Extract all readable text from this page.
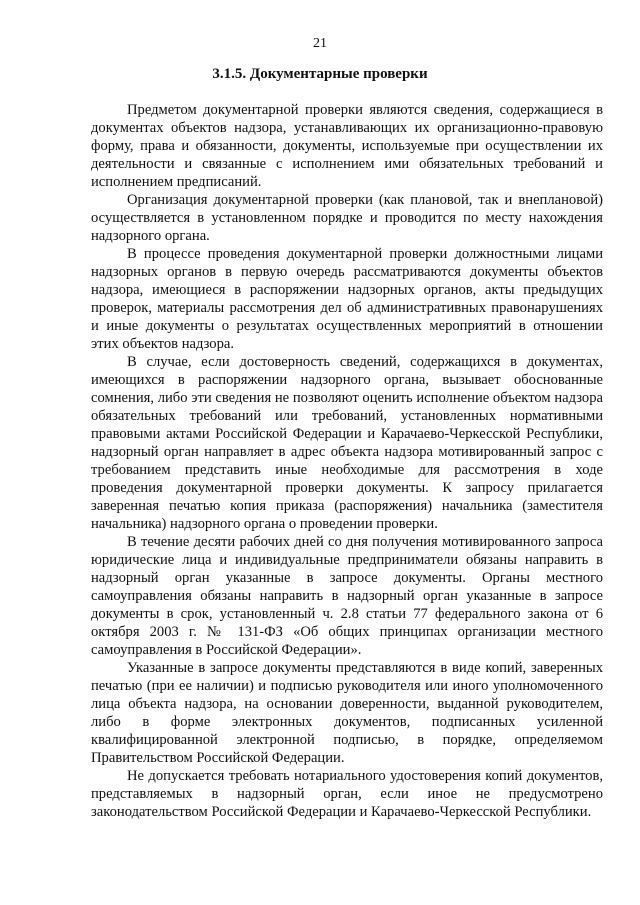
21
3.1.5. Документарные проверки

Предметом документарной проверки являются сведения, содержащиеся в документах объектов надзора, устанавливающих их организационно-правовую форму, права и обязанности, документы, используемые при осуществлении их деятельности и связанные с исполнением ими обязательных требований и исполнением предписаний.

Организация документарной проверки (как плановой, так и внеплановой) осуществляется в установленном порядке и проводится по месту нахождения надзорного органа.

В процессе проведения документарной проверки должностными лицами надзорных органов в первую очередь рассматриваются документы объектов надзора, имеющиеся в распоряжении надзорных органов, акты предыдущих проверок, материалы рассмотрения дел об административных правонарушениях и иные документы о результатах осуществленных мероприятий в отношении этих объектов надзора.

В случае, если достоверность сведений, содержащихся в документах, имеющихся в распоряжении надзорного органа, вызывает обоснованные сомнения, либо эти сведения не позволяют оценить исполнение объектом надзора обязательных требований или требований, установленных нормативными правовыми актами Российской Федерации и Карачаево-Черкесской Республики, надзорный орган направляет в адрес объекта надзора мотивированный запрос с требованием представить иные необходимые для рассмотрения в ходе проведения документарной проверки документы. К запросу прилагается заверенная печатью копия приказа (распоряжения) начальника (заместителя начальника) надзорного органа о проведении проверки.

В течение десяти рабочих дней со дня получения мотивированного запроса юридические лица и индивидуальные предприниматели обязаны направить в надзорный орган указанные в запросе документы. Органы местного самоуправления обязаны направить в надзорный орган указанные в запросе документы в срок, установленный ч. 2.8 статьи 77 федерального закона от 6 октября 2003 г. № 131-ФЗ «Об общих принципах организации местного самоуправления в Российской Федерации».

Указанные в запросе документы представляются в виде копий, заверенных печатью (при ее наличии) и подписью руководителя или иного уполномоченного лица объекта надзора, на основании доверенности, выданной руководителем, либо в форме электронных документов, подписанных усиленной квалифицированной электронной подписью, в порядке, определяемом Правительством Российской Федерации.

Не допускается требовать нотариального удостоверения копий документов, представляемых в надзорный орган, если иное не предусмотрено законодательством Российской Федерации и Карачаево-Черкесской Республики.
